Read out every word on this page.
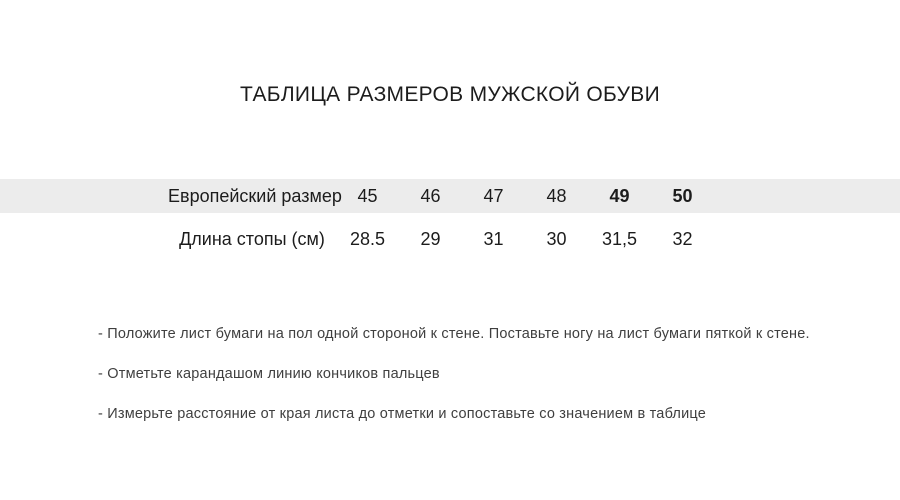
ТАБЛИЦА РАЗМЕРОВ МУЖСКОЙ ОБУВИ
Европейский размер 45	46	47	48	49	50
Длина стопы (см)	28.5	29	31	30	31,5	32
- Положите лист бумаги на пол одной стороной к стене. Поставьте ногу на лист бумаги пяткой к стене.
- Отметьте карандашом линию кончиков пальцев
- Измерьте расстояние от края листа до отметки и сопоставьте со значением в таблице
